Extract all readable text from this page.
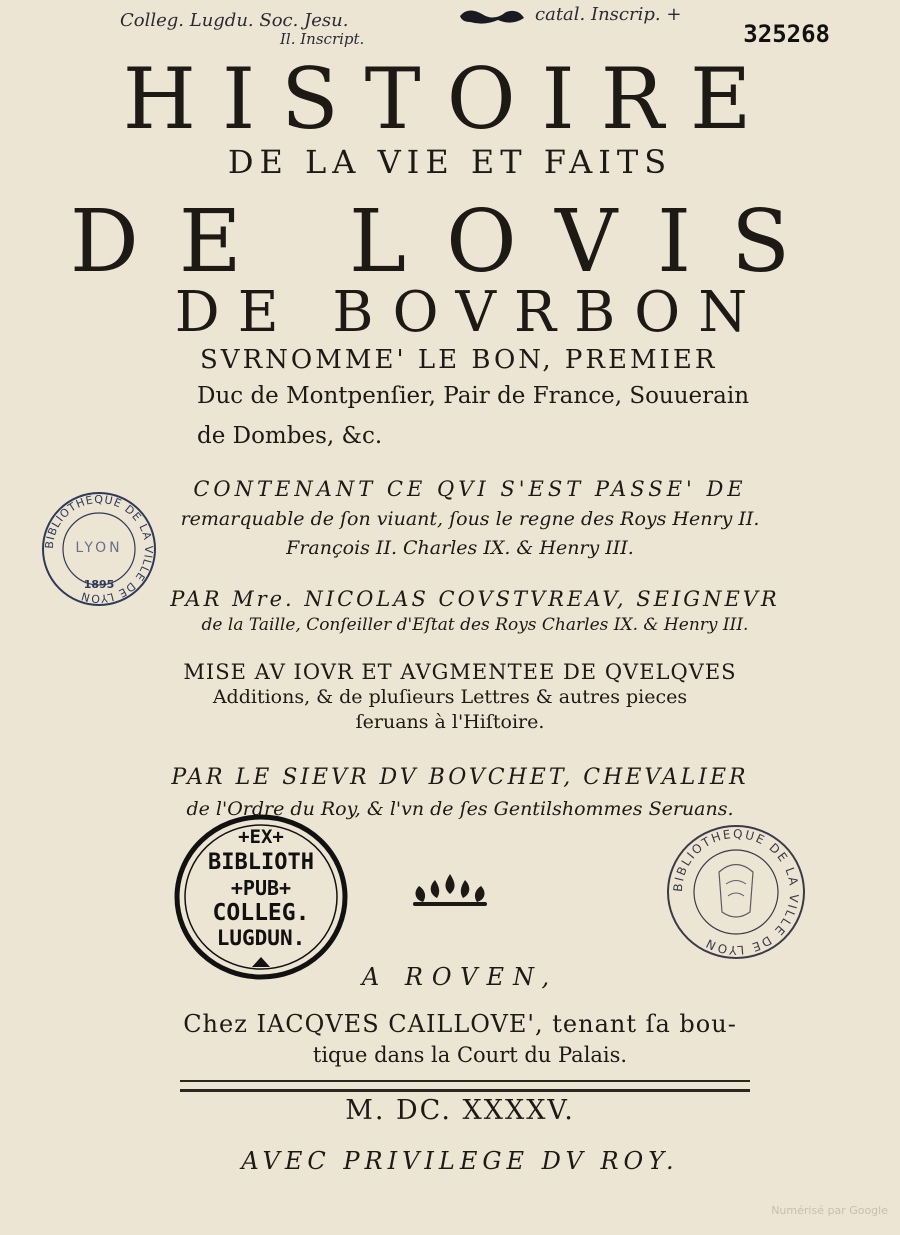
Colleg. Lugdu. Soc. Jesu.
Il. Inscript.
catal. Inscrip. +
325268
HISTOIRE
DE LA VIE ET FAITS
DE LOVIS
DE BOVRBON
SVRNOMME' LE BON, PREMIER
Duc de Montpenſier, Pair de France, Souuerain
de Dombes, &c.
CONTENANT CE QVI S'EST PASSE' DE
remarquable de ſon viuant, ſous le regne des Roys Henry II.
François II. Charles IX. & Henry III.
PAR Mre. NICOLAS COVSTVREAV, SEIGNEVR
de la Taille, Conſeiller d'Eſtat des Roys Charles IX. & Henry III.
MISE AV IOVR ET AVGMENTEE DE QVELQVES
Additions, & de pluſieurs Lettres & autres pieces
ſeruans à l'Hiſtoire.
PAR LE SIEVR DV BOVCHET, CHEVALIER
de l'Ordre du Roy, & l'vn de ſes Gentilshommes Seruans.
BIBLIOTHEQUE DE LA VILLE DE LYON
LYON
1895
+EX+
BIBLIOTH
+PUB+
COLLEG.
LUGDUN.
BIBLIOTHEQUE DE LA VILLE DE LYON
A ROVEN,
Chez IACQVES CAILLOVE', tenant ſa bou-
tique dans la Court du Palais.
M. DC. XXXXV.
AVEC PRIVILEGE DV ROY.
Numérisé par Google
